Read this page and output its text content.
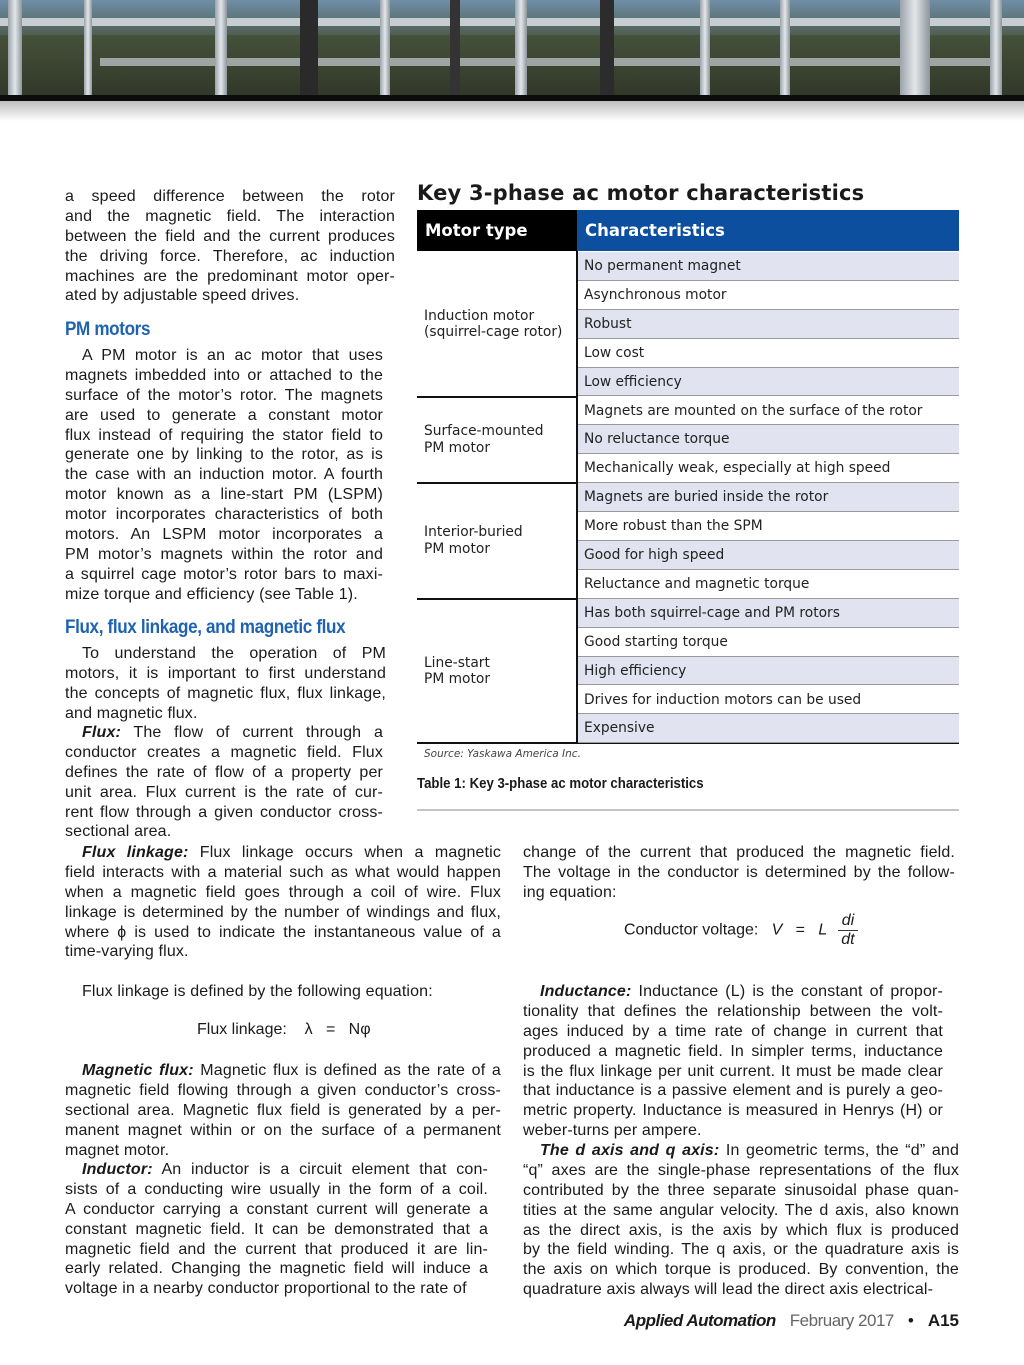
a speed difference between the rotor
and the magnetic field. The interaction
between the field and the current produces
the driving force. Therefore, ac induction
machines are the predominant motor oper-
ated by adjustable speed drives.
PM motors
A PM motor is an ac motor that uses
magnets imbedded into or attached to the
surface of the motor’s rotor. The magnets
are used to generate a constant motor
flux instead of requiring the stator field to
generate one by linking to the rotor, as is
the case with an induction motor. A fourth
motor known as a line-start PM (LSPM)
motor incorporates characteristics of both
motors. An LSPM motor incorporates a
PM motor’s magnets within the rotor and
a squirrel cage motor’s rotor bars to maxi-
mize torque and efficiency (see Table 1).
Flux, flux linkage, and magnetic flux
To understand the operation of PM
motors, it is important to first understand
the concepts of magnetic flux, flux linkage,
and magnetic flux.
Flux: The flow of current through a
conductor creates a magnetic field. Flux
defines the rate of flow of a property per
unit area. Flux current is the rate of cur-
rent flow through a given conductor cross-
sectional area.
Flux linkage: Flux linkage occurs when a magnetic
field interacts with a material such as what would happen
when a magnetic field goes through a coil of wire. Flux
linkage is determined by the number of windings and flux,
where ϕ is used to indicate the instantaneous value of a
time-varying flux.
Flux linkage is defined by the following equation:
Flux linkage: λ = Nφ
Magnetic flux: Magnetic flux is defined as the rate of a
magnetic field flowing through a given conductor’s cross-
sectional area. Magnetic flux field is generated by a per-
manent magnet within or on the surface of a permanent
magnet motor.
Inductor: An inductor is a circuit element that con-
sists of a conducting wire usually in the form of a coil.
A conductor carrying a constant current will generate a
constant magnetic field. It can be demonstrated that a
magnetic field and the current that produced it are lin-
early related. Changing the magnetic field will induce a
voltage in a nearby conductor proportional to the rate of
change of the current that produced the magnetic field.
The voltage in the conductor is determined by the follow-
ing equation:
Conductor voltage: V = L $\frac{di}{dt}$
Inductance: Inductance (L) is the constant of propor-
tionality that defines the relationship between the volt-
ages induced by a time rate of change in current that
produced a magnetic field. In simpler terms, inductance
is the flux linkage per unit current. It must be made clear
that inductance is a passive element and is purely a geo-
metric property. Inductance is measured in Henrys (H) or
weber-turns per ampere.
The d axis and q axis: In geometric terms, the “d” and
“q” axes are the single-phase representations of the flux
contributed by the three separate sinusoidal phase quan-
tities at the same angular velocity. The d axis, also known
as the direct axis, is the axis by which flux is produced
by the field winding. The q axis, or the quadrature axis is
the axis on which torque is produced. By convention, the
quadrature axis always will lead the direct axis electrical-
Key 3-phase ac motor characteristics
Motor type	Characteristics
No permanent magnet
Asynchronous motor
Robust
Low cost
Low efficiency
Induction motor
(squirrel-cage rotor)
Magnets are mounted on the surface of the rotor
No reluctance torque
Mechanically weak, especially at high speed
Surface-mounted
PM motor
Magnets are buried inside the rotor
More robust than the SPM
Good for high speed
Reluctance and magnetic torque
Interior-buried
PM motor
Has both squirrel-cage and PM rotors
Good starting torque
High efficiency
Drives for induction motors can be used
Expensive
Line-start
PM motor
Source: Yaskawa America Inc.
Table 1: Key 3-phase ac motor characteristics
Applied Automation February 2017 • A15
